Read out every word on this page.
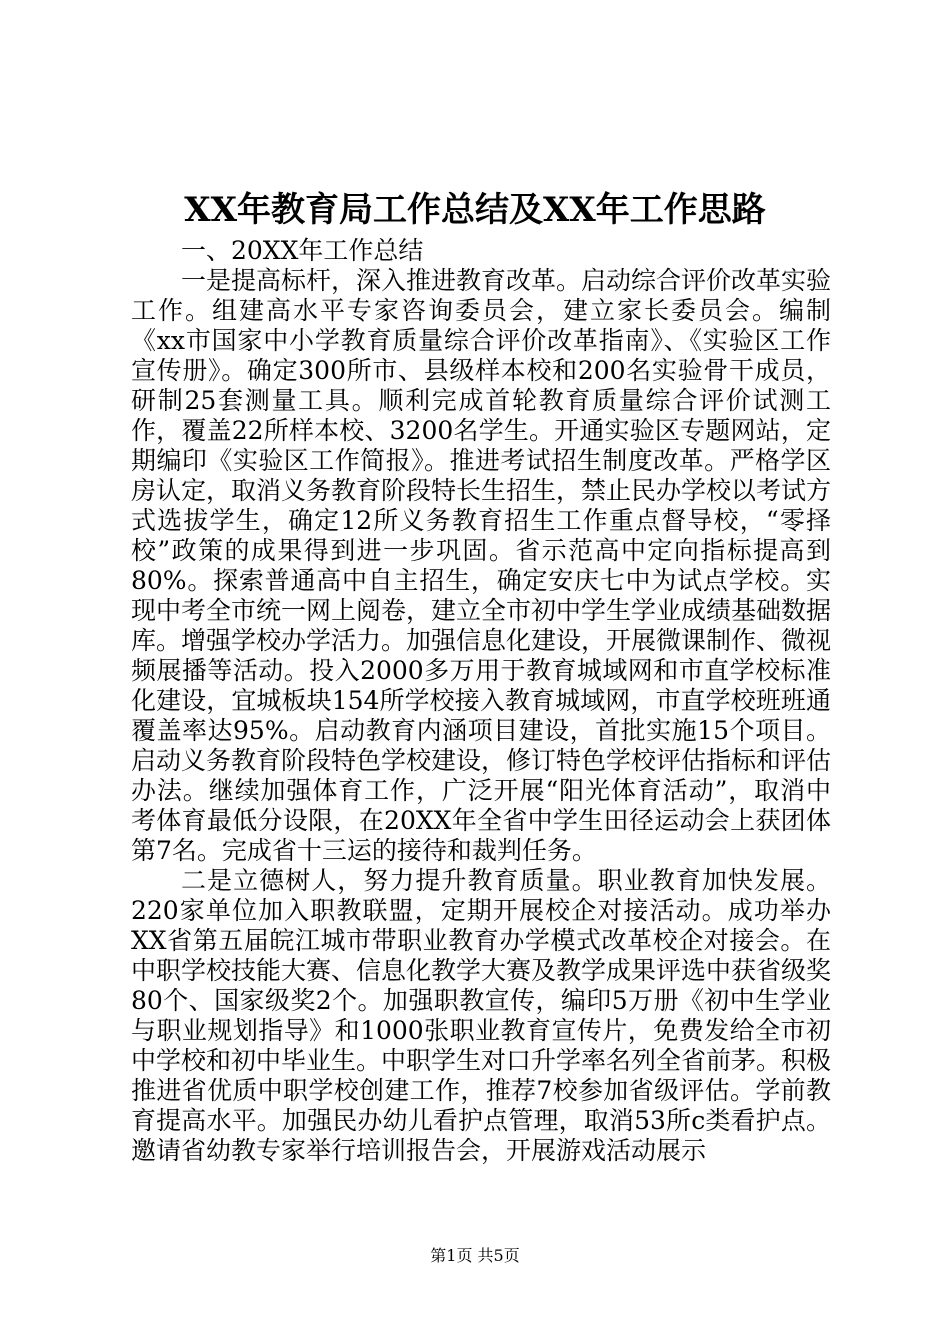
XX年教育局工作总结及XX年工作思路

一、20XX年工作总结

一是提高标杆，深入推进教育改革。启动综合评价改革实验工作。组建高水平专家咨询委员会，建立家长委员会。编制《xx市国家中小学教育质量综合评价改革指南》、《实验区工作宣传册》。确定300所市、县级样本校和200名实验骨干成员，研制25套测量工具。顺利完成首轮教育质量综合评价试测工作，覆盖22所样本校、3200名学生。开通实验区专题网站，定期编印《实验区工作简报》。推进考试招生制度改革。严格学区房认定，取消义务教育阶段特长生招生，禁止民办学校以考试方式选拔学生，确定12所义务教育招生工作重点督导校，“零择校”政策的成果得到进一步巩固。省示范高中定向指标提高到80%。探索普通高中自主招生，确定安庆七中为试点学校。实现中考全市统一网上阅卷，建立全市初中学生学业成绩基础数据库。增强学校办学活力。加强信息化建设，开展微课制作、微视频展播等活动。投入2000多万用于教育城域网和市直学校标准化建设，宜城板块154所学校接入教育城域网，市直学校班班通覆盖率达95%。启动教育内涵项目建设，首批实施15个项目。启动义务教育阶段特色学校建设，修订特色学校评估指标和评估办法。继续加强体育工作，广泛开展“阳光体育活动”，取消中考体育最低分设限，在20XX年全省中学生田径运动会上获团体第7名。完成省十三运的接待和裁判任务。

二是立德树人，努力提升教育质量。职业教育加快发展。220家单位加入职教联盟，定期开展校企对接活动。成功举办XX省第五届皖江城市带职业教育办学模式改革校企对接会。在中职学校技能大赛、信息化教学大赛及教学成果评选中获省级奖80个、国家级奖2个。加强职教宣传，编印5万册《初中生学业与职业规划指导》和1000张职业教育宣传片，免费发给全市初中学校和初中毕业生。中职学生对口升学率名列全省前茅。积极推进省优质中职学校创建工作，推荐7校参加省级评估。学前教育提高水平。加强民办幼儿看护点管理，取消53所c类看护点。邀请省幼教专家举行培训报告会，开展游戏活动展示

第1页 共5页
